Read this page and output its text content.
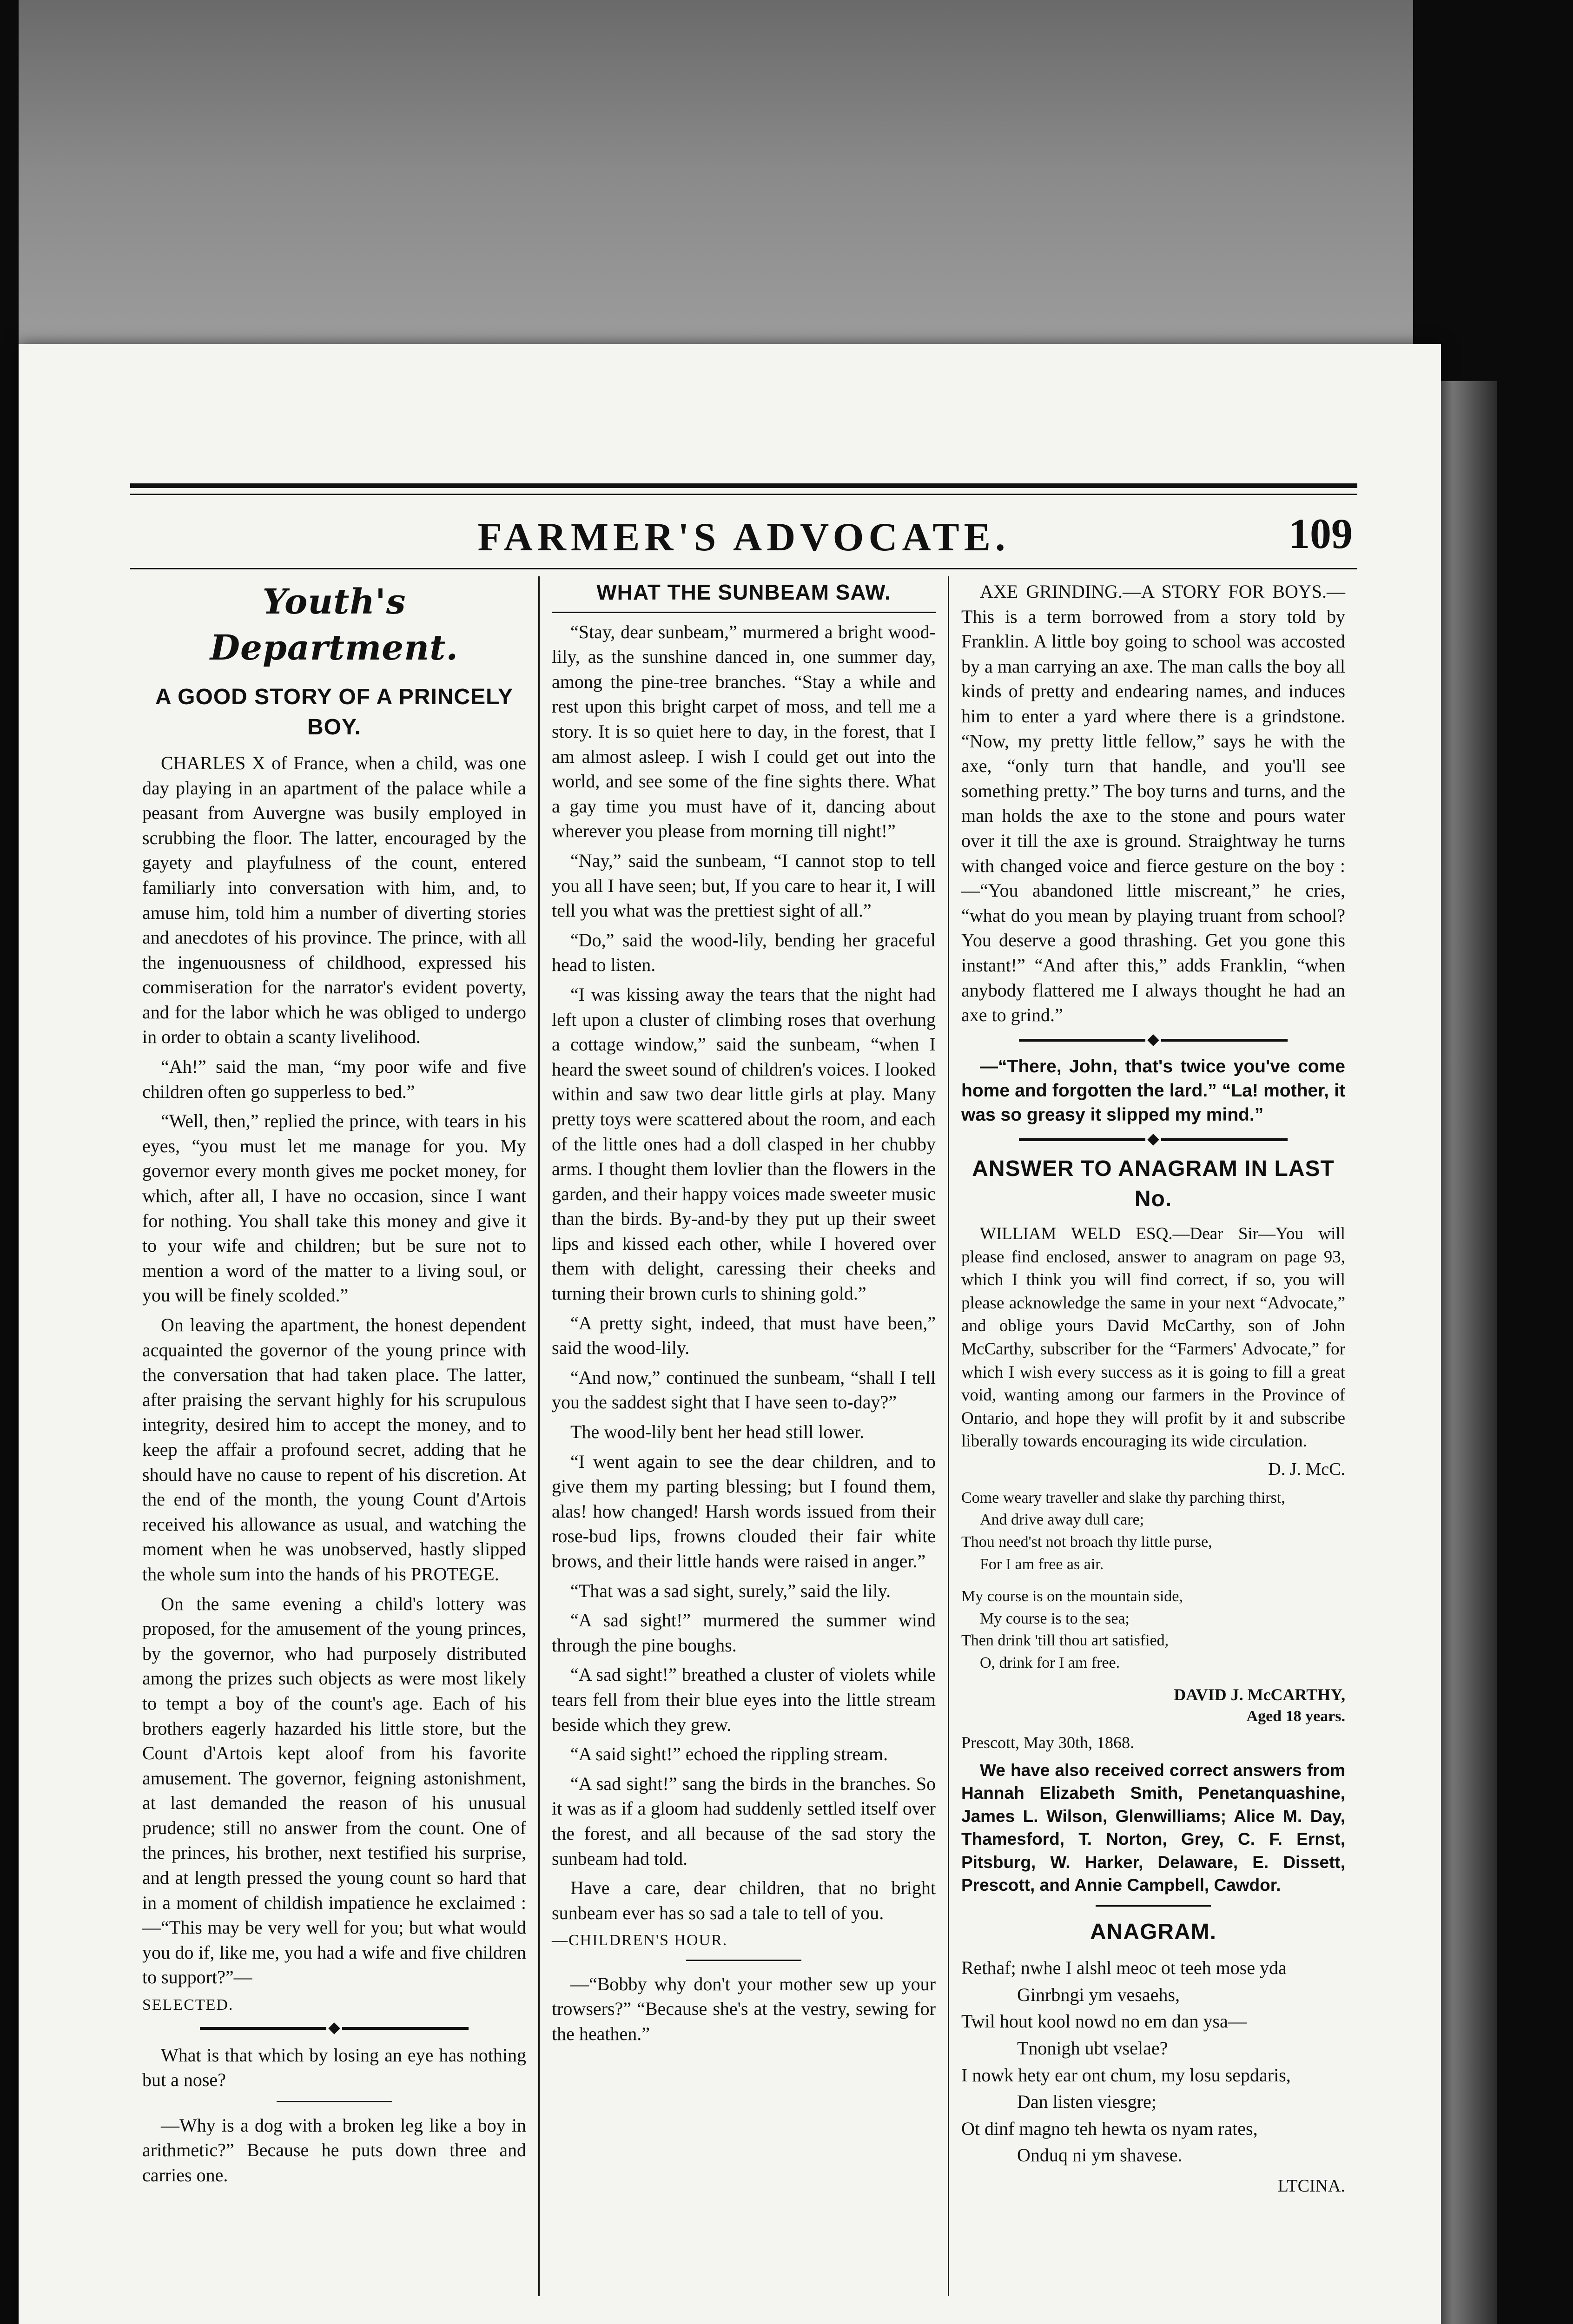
FARMER'S ADVOCATE.	109
Youth's Department.
A GOOD STORY OF A PRINCELY BOY.

CHARLES X of France, when a child, was one day playing in an apartment of the palace while a peasant from Auvergne was busily employed in scrubbing the floor. The latter, encouraged by the gayety and playfulness of the count, entered familiarly into conversation with him, and, to amuse him, told him a number of diverting stories and anecdotes of his province. The prince, with all the ingenuousness of childhood, expressed his commiseration for the narrator's evident poverty, and for the labor which he was obliged to undergo in order to obtain a scanty livelihood.

“Ah!” said the man, “my poor wife and five children often go supperless to bed.”

“Well, then,” replied the prince, with tears in his eyes, “you must let me manage for you. My governor every month gives me pocket money, for which, after all, I have no occasion, since I want for nothing. You shall take this money and give it to your wife and children; but be sure not to mention a word of the matter to a living soul, or you will be finely scolded.”

On leaving the apartment, the honest dependent acquainted the governor of the young prince with the conversation that had taken place. The latter, after praising the servant highly for his scrupulous integrity, desired him to accept the money, and to keep the affair a profound secret, adding that he should have no cause to repent of his discretion. At the end of the month, the young Count d'Artois received his allowance as usual, and watching the moment when he was unobserved, hastly slipped the whole sum into the hands of his PROTEGE.

On the same evening a child's lottery was proposed, for the amusement of the young princes, by the governor, who had purposely distributed among the prizes such objects as were most likely to tempt a boy of the count's age. Each of his brothers eagerly hazarded his little store, but the Count d'Artois kept aloof from his favorite amusement. The governor, feigning astonishment, at last demanded the reason of his unusual prudence; still no answer from the count. One of the princes, his brother, next testified his surprise, and at length pressed the young count so hard that in a moment of childish impatience he exclaimed :—“This may be very well for you; but what would you do if, like me, you had a wife and five children to support?”—

SELECTED.

What is that which by losing an eye has nothing but a nose?

—Why is a dog with a broken leg like a boy in arithmetic?” Because he puts down three and carries one.

WHAT THE SUNBEAM SAW.

“Stay, dear sunbeam,” murmered a bright wood-lily, as the sunshine danced in, one summer day, among the pine-tree branches. “Stay a while and rest upon this bright carpet of moss, and tell me a story. It is so quiet here to day, in the forest, that I am almost asleep. I wish I could get out into the world, and see some of the fine sights there. What a gay time you must have of it, dancing about wherever you please from morning till night!”

“Nay,” said the sunbeam, “I cannot stop to tell you all I have seen; but, If you care to hear it, I will tell you what was the prettiest sight of all.”

“Do,” said the wood-lily, bending her graceful head to listen.

“I was kissing away the tears that the night had left upon a cluster of climbing roses that overhung a cottage window,” said the sunbeam, “when I heard the sweet sound of children's voices. I looked within and saw two dear little girls at play. Many pretty toys were scattered about the room, and each of the little ones had a doll clasped in her chubby arms. I thought them lovlier than the flowers in the garden, and their happy voices made sweeter music than the birds. By-and-by they put up their sweet lips and kissed each other, while I hovered over them with delight, caressing their cheeks and turning their brown curls to shining gold.”

“A pretty sight, indeed, that must have been,” said the wood-lily.

“And now,” continued the sunbeam, “shall I tell you the saddest sight that I have seen to-day?”

The wood-lily bent her head still lower.

“I went again to see the dear children, and to give them my parting blessing; but I found them, alas! how changed! Harsh words issued from their rose-bud lips, frowns clouded their fair white brows, and their little hands were raised in anger.”

“That was a sad sight, surely,” said the lily.

“A sad sight!” murmered the summer wind through the pine boughs.

“A sad sight!” breathed a cluster of violets while tears fell from their blue eyes into the little stream beside which they grew.

“A said sight!” echoed the rippling stream.

“A sad sight!” sang the birds in the branches. So it was as if a gloom had suddenly settled itself over the forest, and all because of the sad story the sunbeam had told.

Have a care, dear children, that no bright sunbeam ever has so sad a tale to tell of you.

—CHILDREN'S HOUR.

—“Bobby why don't your mother sew up your trowsers?” “Because she's at the vestry, sewing for the heathen.”

AXE GRINDING.—A STORY FOR BOYS.—This is a term borrowed from a story told by Franklin. A little boy going to school was accosted by a man carrying an axe. The man calls the boy all kinds of pretty and endearing names, and induces him to enter a yard where there is a grindstone. “Now, my pretty little fellow,” says he with the axe, “only turn that handle, and you'll see something pretty.” The boy turns and turns, and the man holds the axe to the stone and pours water over it till the axe is ground. Straightway he turns with changed voice and fierce gesture on the boy :—“You abandoned little miscreant,” he cries, “what do you mean by playing truant from school? You deserve a good thrashing. Get you gone this instant!” “And after this,” adds Franklin, “when anybody flattered me I always thought he had an axe to grind.”

—“There, John, that's twice you've come home and forgotten the lard.” “La! mother, it was so greasy it slipped my mind.”

ANSWER TO ANAGRAM IN LAST No.

WILLIAM WELD ESQ.—Dear Sir—You will please find enclosed, answer to anagram on page 93, which I think you will find correct, if so, you will please acknowledge the same in your next “Advocate,” and oblige yours David McCarthy, son of John McCarthy, subscriber for the “Farmers' Advocate,” for which I wish every success as it is going to fill a great void, wanting among our farmers in the Province of Ontario, and hope they will profit by it and subscribe liberally towards encouraging its wide circulation.

D. J. McC.

Come weary traveller and slake thy parching thirst,
And drive away dull care;
Thou need'st not broach thy little purse,
For I am free as air.
My course is on the mountain side,
My course is to the sea;
Then drink 'till thou art satisfied,
O, drink for I am free.

DAVID J. McCARTHY,

Aged 18 years.

Prescott, May 30th, 1868.

We have also received correct answers from Hannah Elizabeth Smith, Penetanquashine, James L. Wilson, Glenwilliams; Alice M. Day, Thamesford, T. Norton, Grey, C. F. Ernst, Pitsburg, W. Harker, Delaware, E. Dissett, Prescott, and Annie Campbell, Cawdor.

ANAGRAM.
Rethaf; nwhe I alshl meoc ot teeh mose yda
Ginrbngi ym vesaehs,
Twil hout kool nowd no em dan ysa—
Tnonigh ubt vselae?
I nowk hety ear ont chum, my losu sepdaris,
Dan listen viesgre;
Ot dinf magno teh hewta os nyam rates,
Onduq ni ym shavese.

LTCINA.
